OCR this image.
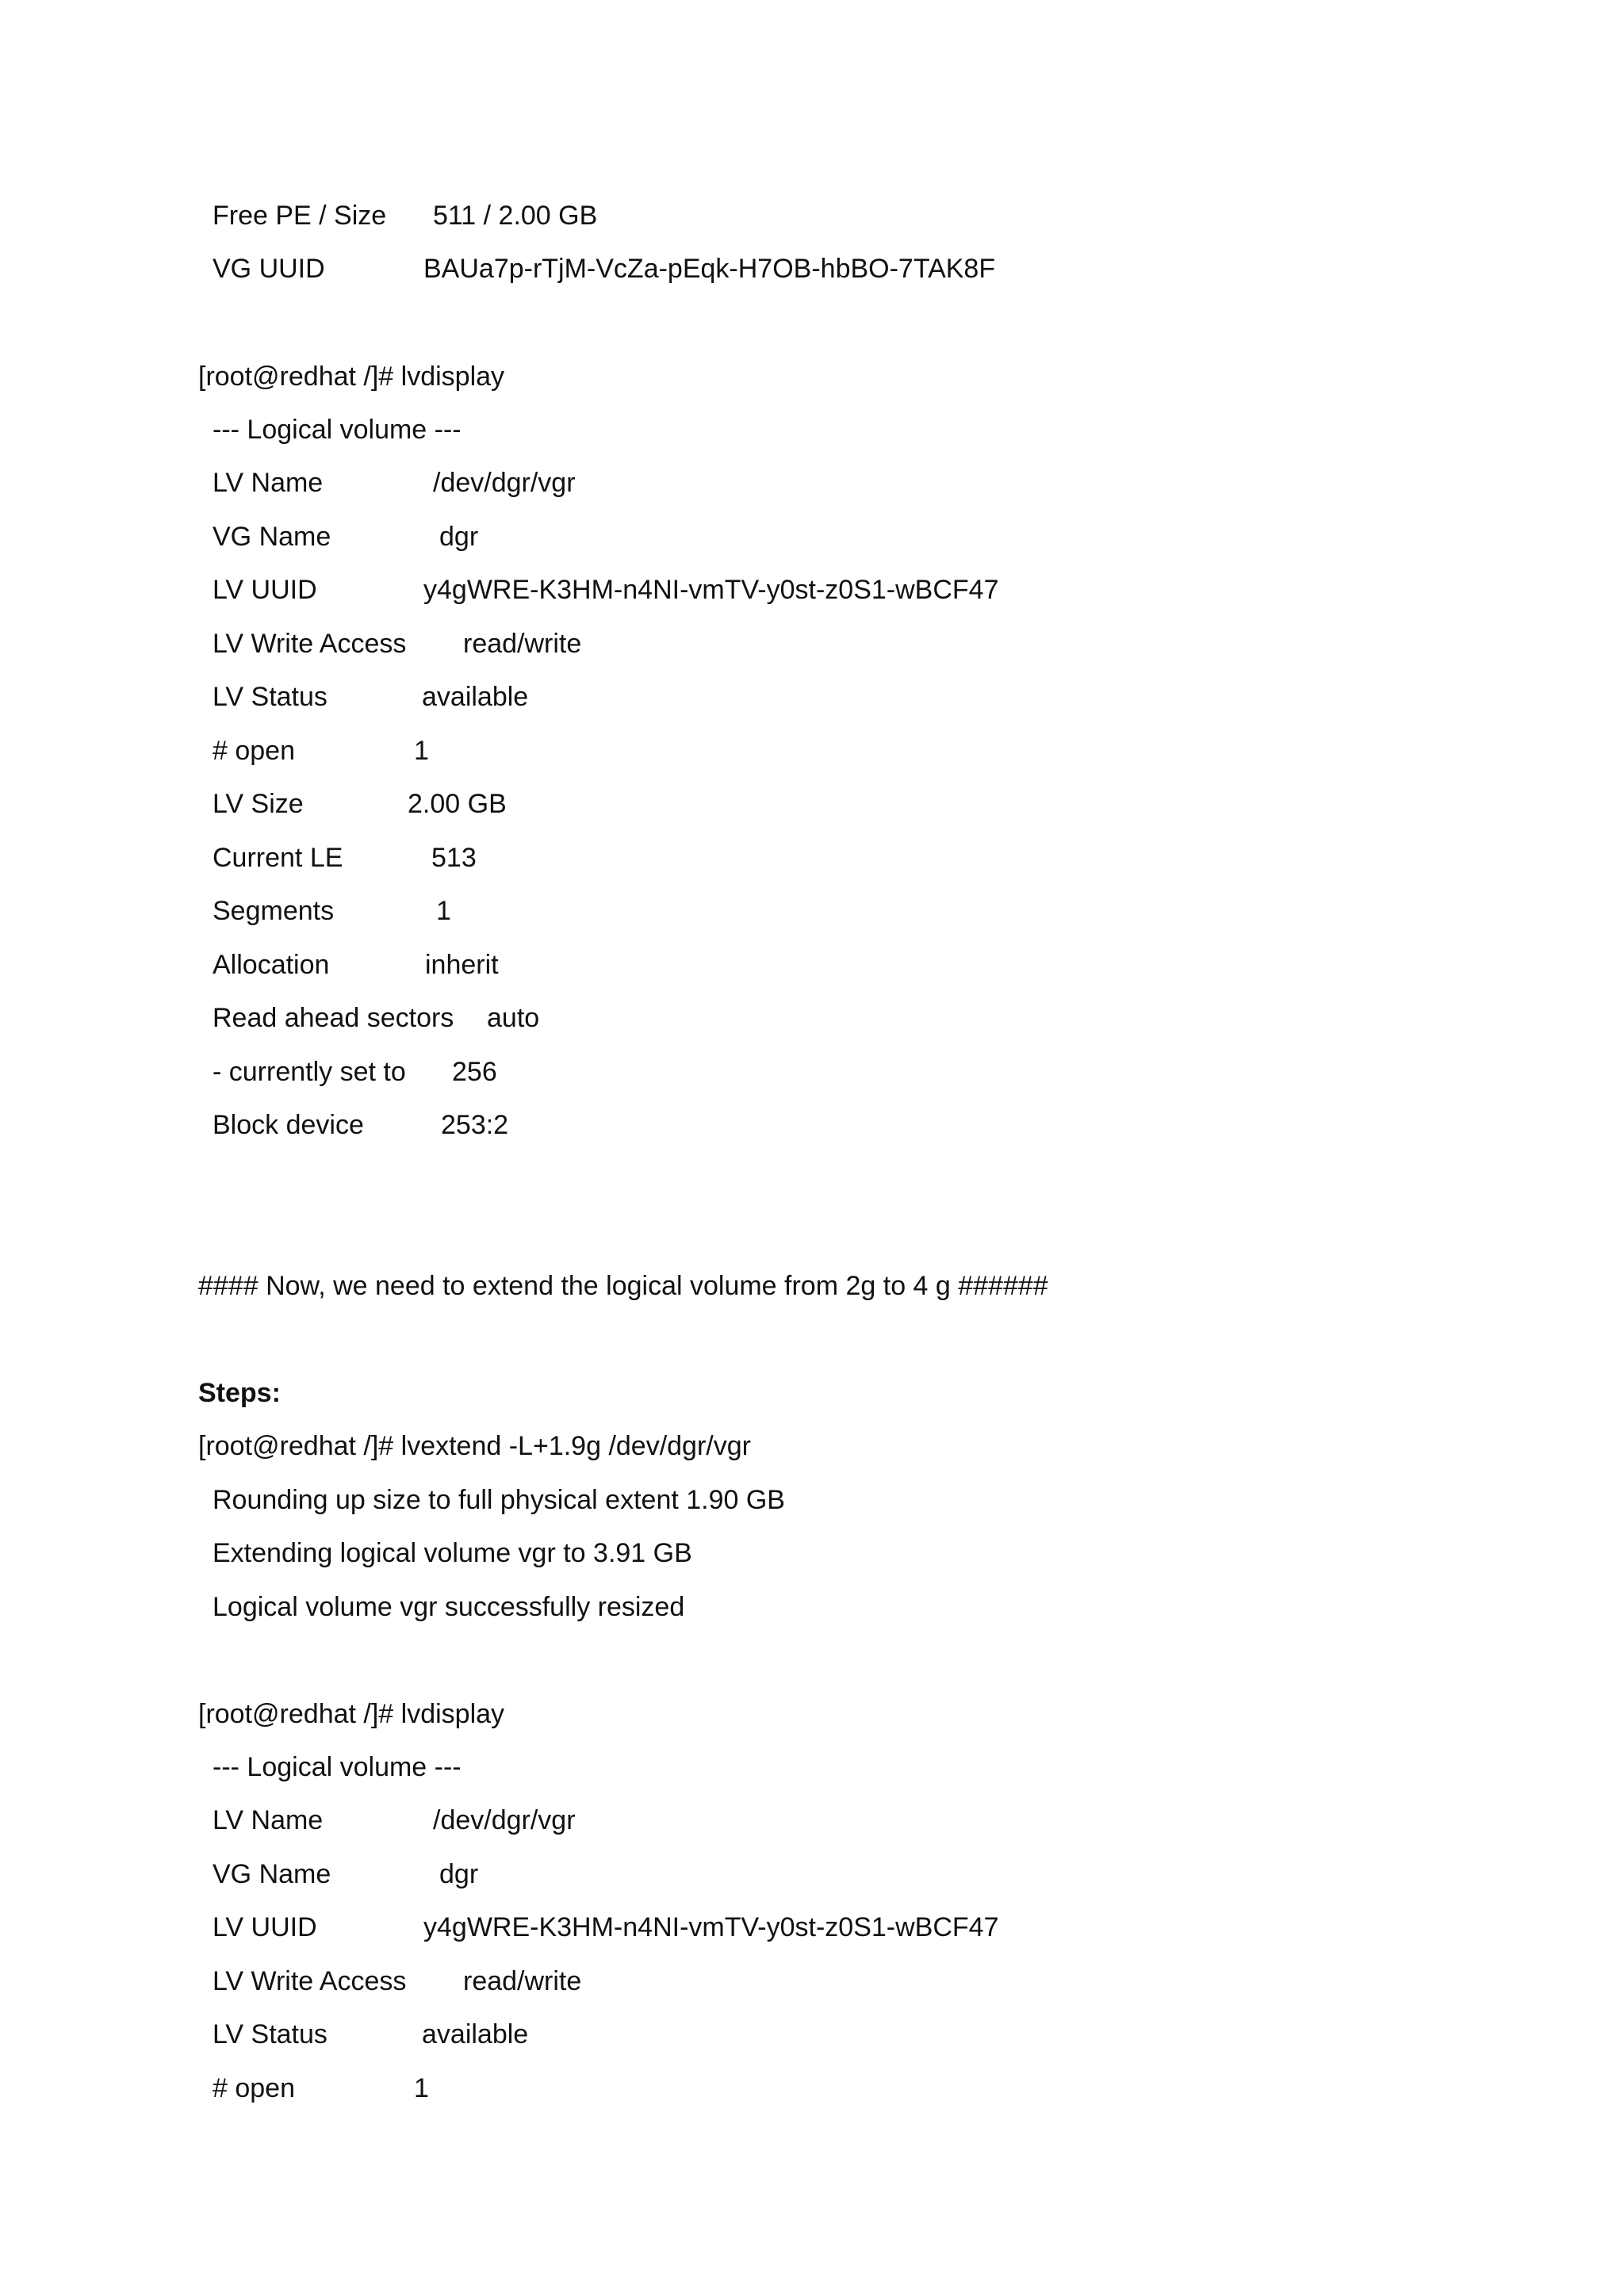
Free PE / Size 511 / 2.00 GB
VG UUID	BAUa7p-rTjM-VcZa-pEqk-H7OB-hbBO-7TAK8F
[root@redhat /]# lvdisplay
--- Logical volume ---
LV Name	/dev/dgr/vgr
VG Name	dgr
LV UUID	y4gWRE-K3HM-n4NI-vmTV-y0st-z0S1-wBCF47
LV Write Access read/write
LV Status	available
# open	1
LV Size	2.00 GB
Current LE	513
Segments	1
Allocation	inherit
Read ahead sectors auto
- currently set to 256
Block device	253:2
#### Now, we need to extend the logical volume from 2g to 4 g ######
Steps:
[root@redhat /]# lvextend -L+1.9g /dev/dgr/vgr
Rounding up size to full physical extent 1.90 GB
Extending logical volume vgr to 3.91 GB
Logical volume vgr successfully resized
[root@redhat /]# lvdisplay
--- Logical volume ---
LV Name	/dev/dgr/vgr
VG Name	dgr
LV UUID	y4gWRE-K3HM-n4NI-vmTV-y0st-z0S1-wBCF47
LV Write Access read/write
LV Status	available
# open	1
